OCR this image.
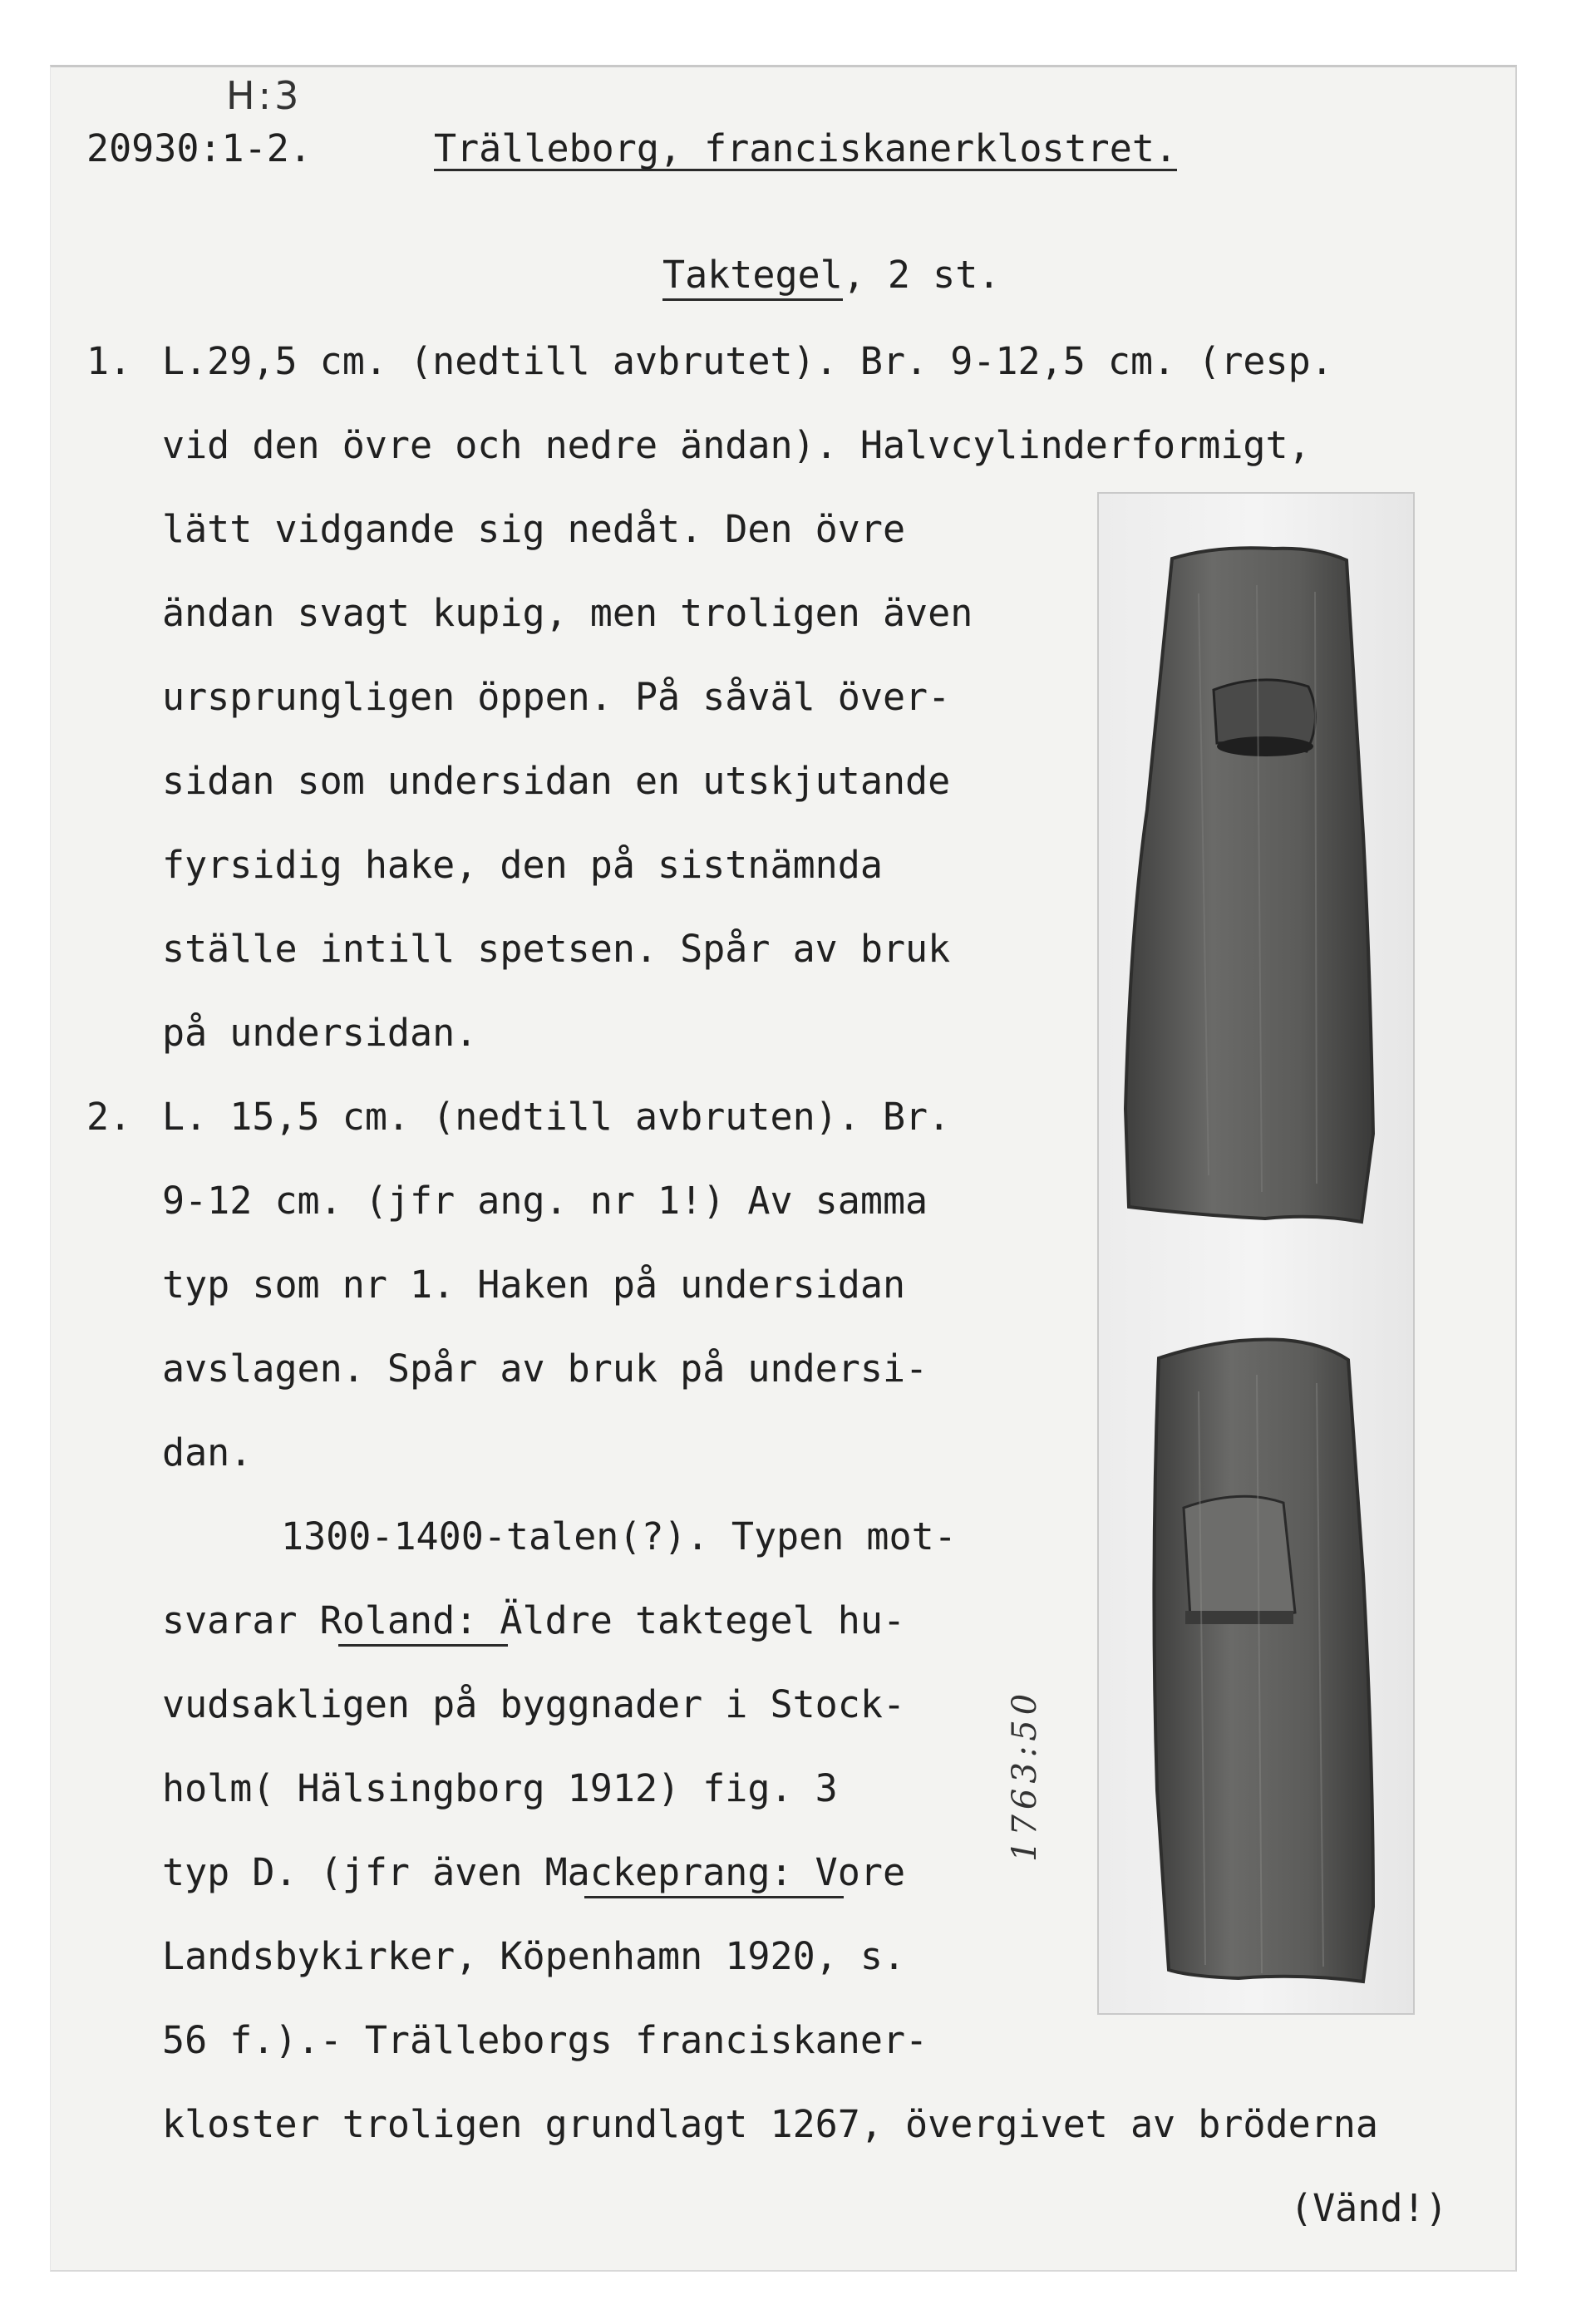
H:3
20930:1-2.	Trälleborg, franciskanerklostret.
Taktegel, 2 st.
1. L.29,5 cm. (nedtill avbrutet). Br. 9-12,5 cm. (resp.
vid den övre och nedre ändan). Halvcylinderformigt,
lätt vidgande sig nedåt. Den övre
ändan svagt kupig, men troligen även
ursprungligen öppen. På såväl över-
sidan som undersidan en utskjutande
fyrsidig hake, den på sistnämnda
ställe intill spetsen. Spår av bruk
på undersidan.
2. L. 15,5 cm. (nedtill avbruten). Br.
9-12 cm. (jfr ang. nr 1!) Av samma
typ som nr 1. Haken på undersidan
avslagen. Spår av bruk på undersi-
dan.
1300-1400-talen(?). Typen mot-
svarar Roland: Äldre taktegel hu-
vudsakligen på byggnader i Stock-
holm( Hälsingborg 1912) fig. 3
typ D. (jfr även Mackeprang: Vore
Landsbykirker, Köpenhamn 1920, s.
56 f.).- Trälleborgs franciskaner-
kloster troligen grundlagt 1267, övergivet av bröderna
1763:50
(Vänd!)
